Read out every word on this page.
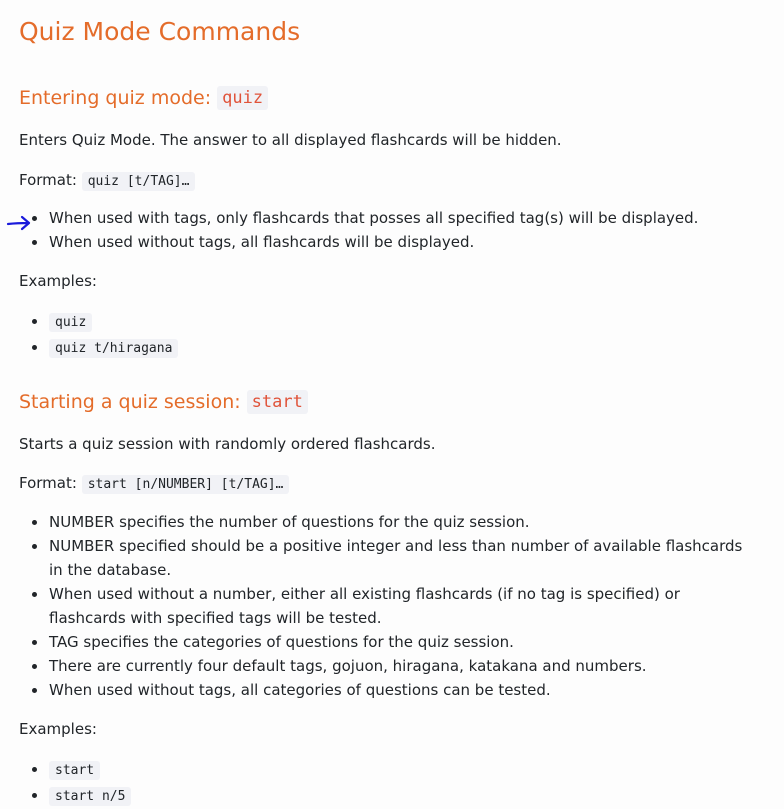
Quiz Mode Commands
Entering quiz mode: quiz

Enters Quiz Mode. The answer to all displayed flashcards will be hidden.

Format: quiz [t/TAG]…

When used with tags, only flashcards that posses all specified tag(s) will be displayed.
When used without tags, all flashcards will be displayed.

Examples:

quiz
quiz t/hiragana
Starting a quiz session: start

Starts a quiz session with randomly ordered flashcards.

Format: start [n/NUMBER] [t/TAG]…

NUMBER specifies the number of questions for the quiz session.
NUMBER specified should be a positive integer and less than number of available flashcards in the database.
When used without a number, either all existing flashcards (if no tag is specified) or flashcards with specified tags will be tested.
TAG specifies the categories of questions for the quiz session.
There are currently four default tags, gojuon, hiragana, katakana and numbers.
When used without tags, all categories of questions can be tested.

Examples:

start
start n/5
